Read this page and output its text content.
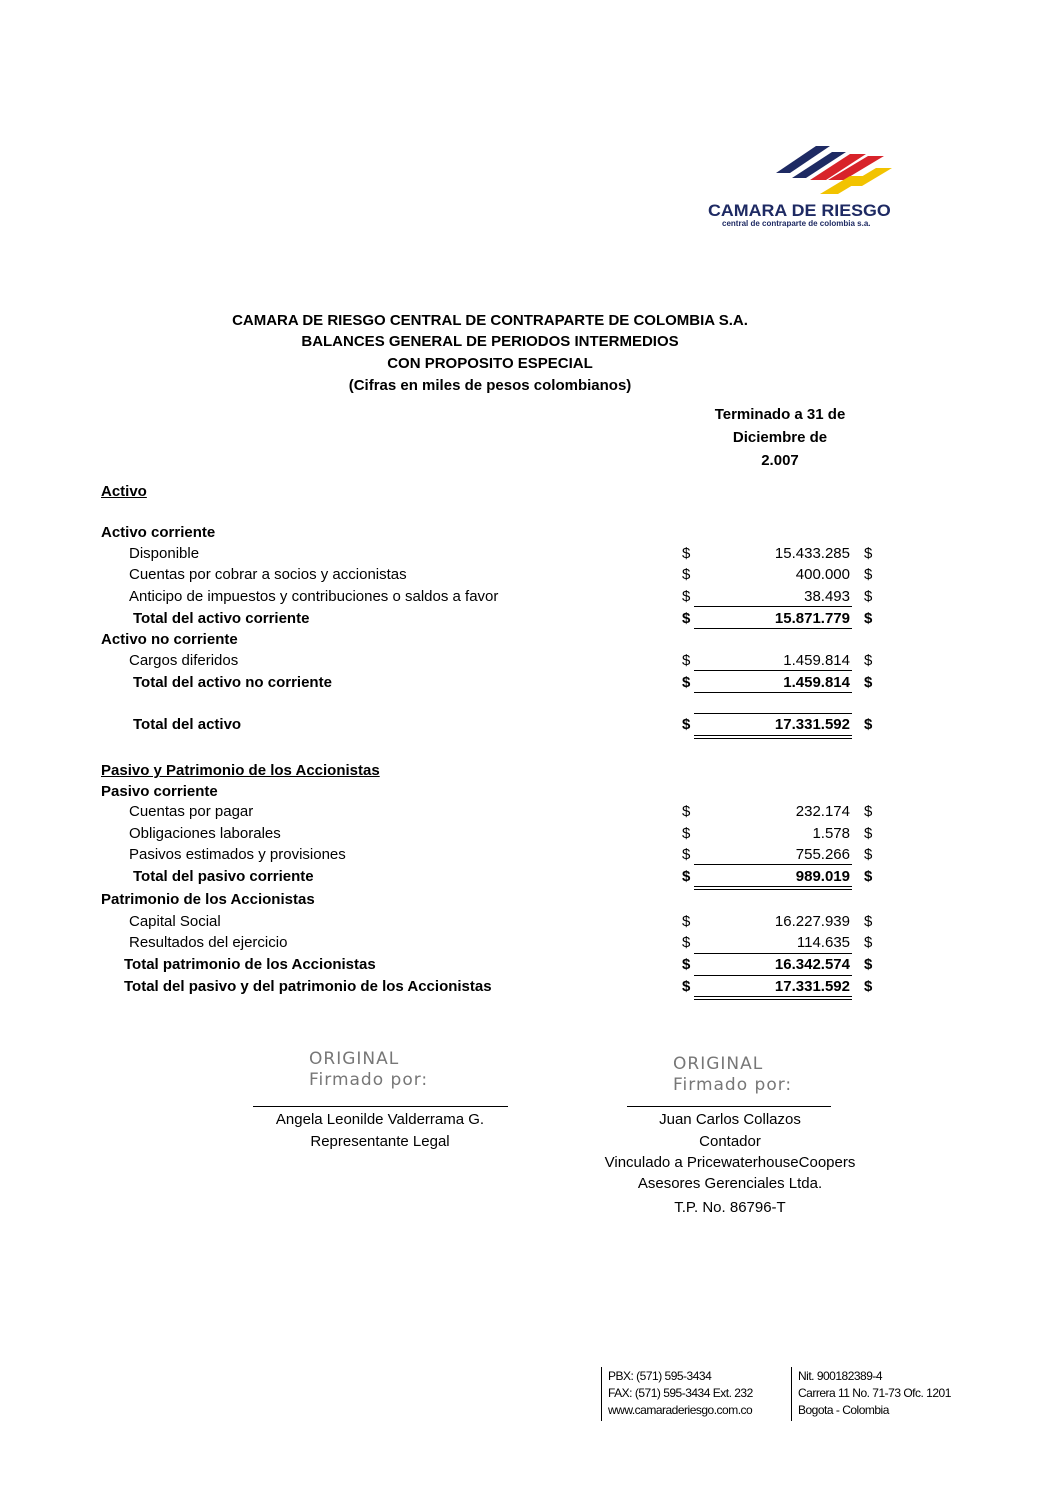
CAMARA DE RIESGO
central de contraparte de colombia s.a.
CAMARA DE RIESGO CENTRAL DE CONTRAPARTE DE COLOMBIA S.A.
BALANCES GENERAL DE PERIODOS INTERMEDIOS
CON PROPOSITO ESPECIAL
(Cifras en miles de pesos colombianos)
Terminado a 31 de
Diciembre de
2.007
Activo
Activo corriente
Disponible	$	15.433.285 $
Cuentas por cobrar a socios y accionistas	$	400.000 $
Anticipo de impuestos y contribuciones o saldos a favor	$	38.493 $
Total del activo corriente	$	15.871.779 $
Activo no corriente
Cargos diferidos	$	1.459.814 $
Total del activo no corriente	$	1.459.814 $
Total del activo	$	17.331.592 $
Pasivo y Patrimonio de los Accionistas
Pasivo corriente
Cuentas por pagar	$	232.174 $
Obligaciones laborales	$	1.578 $
Pasivos estimados y provisiones	$	755.266 $
Total del pasivo corriente	$	989.019 $
Patrimonio de los Accionistas
Capital Social	$	16.227.939 $
Resultados del ejercicio	$	114.635 $
Total patrimonio de los Accionistas	$	16.342.574 $
Total del pasivo y del patrimonio de los Accionistas	$	17.331.592 $
ORIGINAL
Firmado por:
ORIGINAL
Firmado por:
Angela Leonilde Valderrama G.
Representante Legal
Juan Carlos Collazos
Contador
Vinculado a PricewaterhouseCoopers
Asesores Gerenciales Ltda.
T.P. No. 86796-T
PBX: (571) 595-3434
FAX: (571) 595-3434 Ext. 232
www.camaraderiesgo.com.co
Nit. 900182389-4
Carrera 11 No. 71-73 Ofc. 1201
Bogota - Colombia
